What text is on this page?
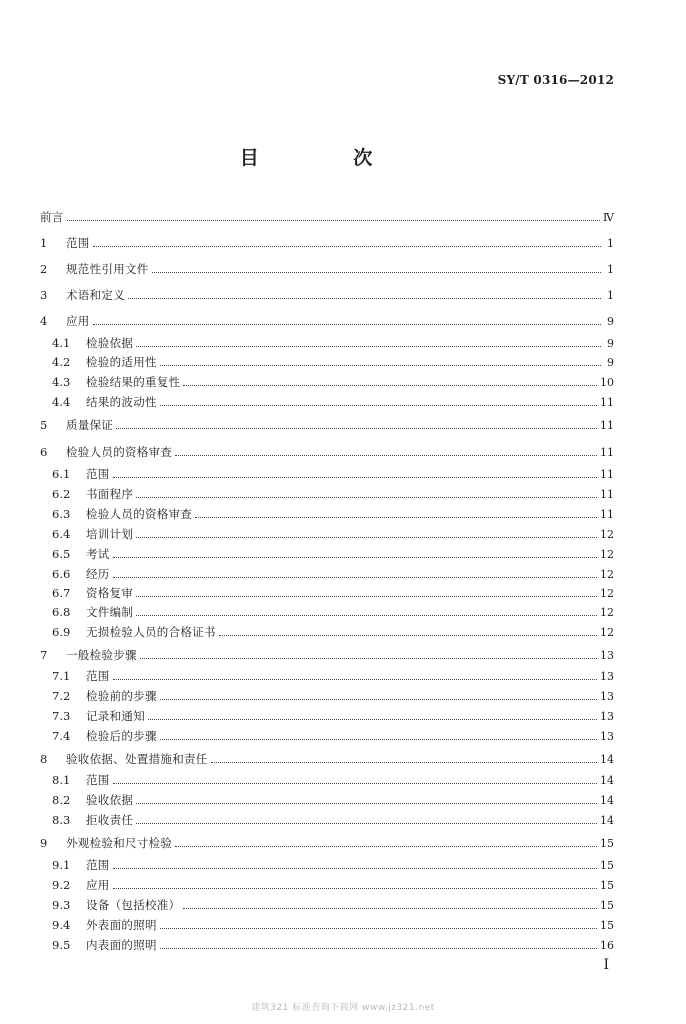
SY/T 0316—2012
目 次
前言	Ⅳ
1	范围	1
2	规范性引用文件	1
3	术语和定义	1
4	应用	9
4.1	检验依据	9
4.2	检验的适用性	9
4.3	检验结果的重复性	10
4.4	结果的波动性	11
5	质量保证	11
6	检验人员的资格审查	11
6.1	范围	11
6.2	书面程序	11
6.3	检验人员的资格审查	11
6.4	培训计划	12
6.5	考试	12
6.6	经历	12
6.7	资格复审	12
6.8	文件编制	12
6.9	无损检验人员的合格证书	12
7	一般检验步骤	13
7.1	范围	13
7.2	检验前的步骤	13
7.3	记录和通知	13
7.4	检验后的步骤	13
8	验收依据、处置措施和责任	14
8.1	范围	14
8.2	验收依据	14
8.3	拒收责任	14
9	外观检验和尺寸检验	15
9.1	范围	15
9.2	应用	15
9.3	设备（包括校准）	15
9.4	外表面的照明	15
9.5	内表面的照明	16
I
建筑321 标准查询下载网 www.jz321.net
